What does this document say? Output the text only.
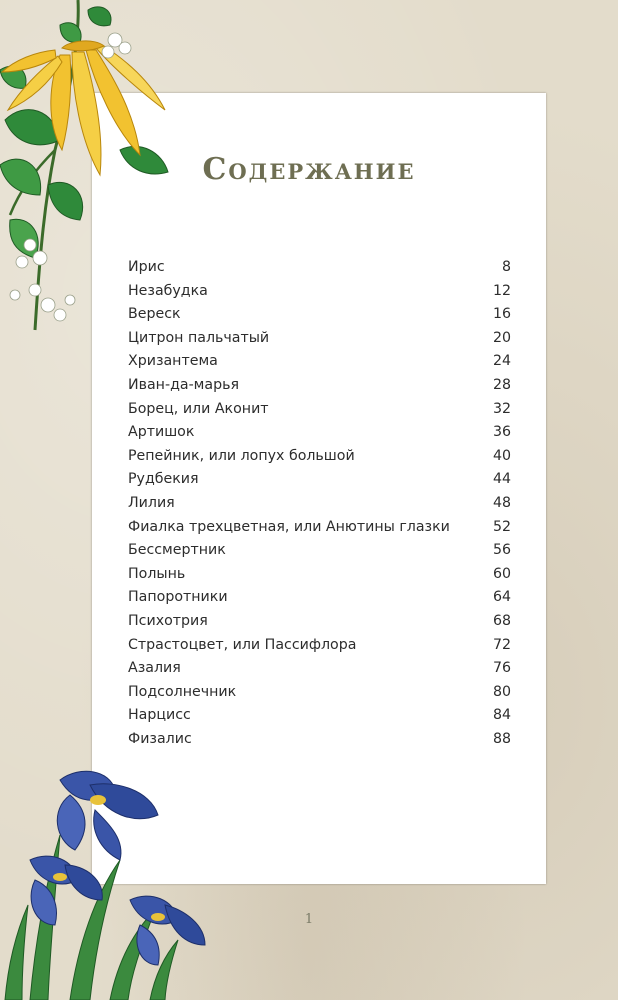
Содержание
Ирис	8
Незабудка	12
Вереск	16
Цитрон пальчатый	20
Хризантема	24
Иван-да-марья	28
Борец, или Аконит	32
Артишок	36
Репейник, или лопух большой	40
Рудбекия	44
Лилия	48
Фиалка трехцветная, или Анютины глазки	52
Бессмертник	56
Полынь	60
Папоротники	64
Психотрия	68
Страстоцвет, или Пассифлора	72
Азалия	76
Подсолнечник	80
Нарцисс	84
Физалис	88
1
